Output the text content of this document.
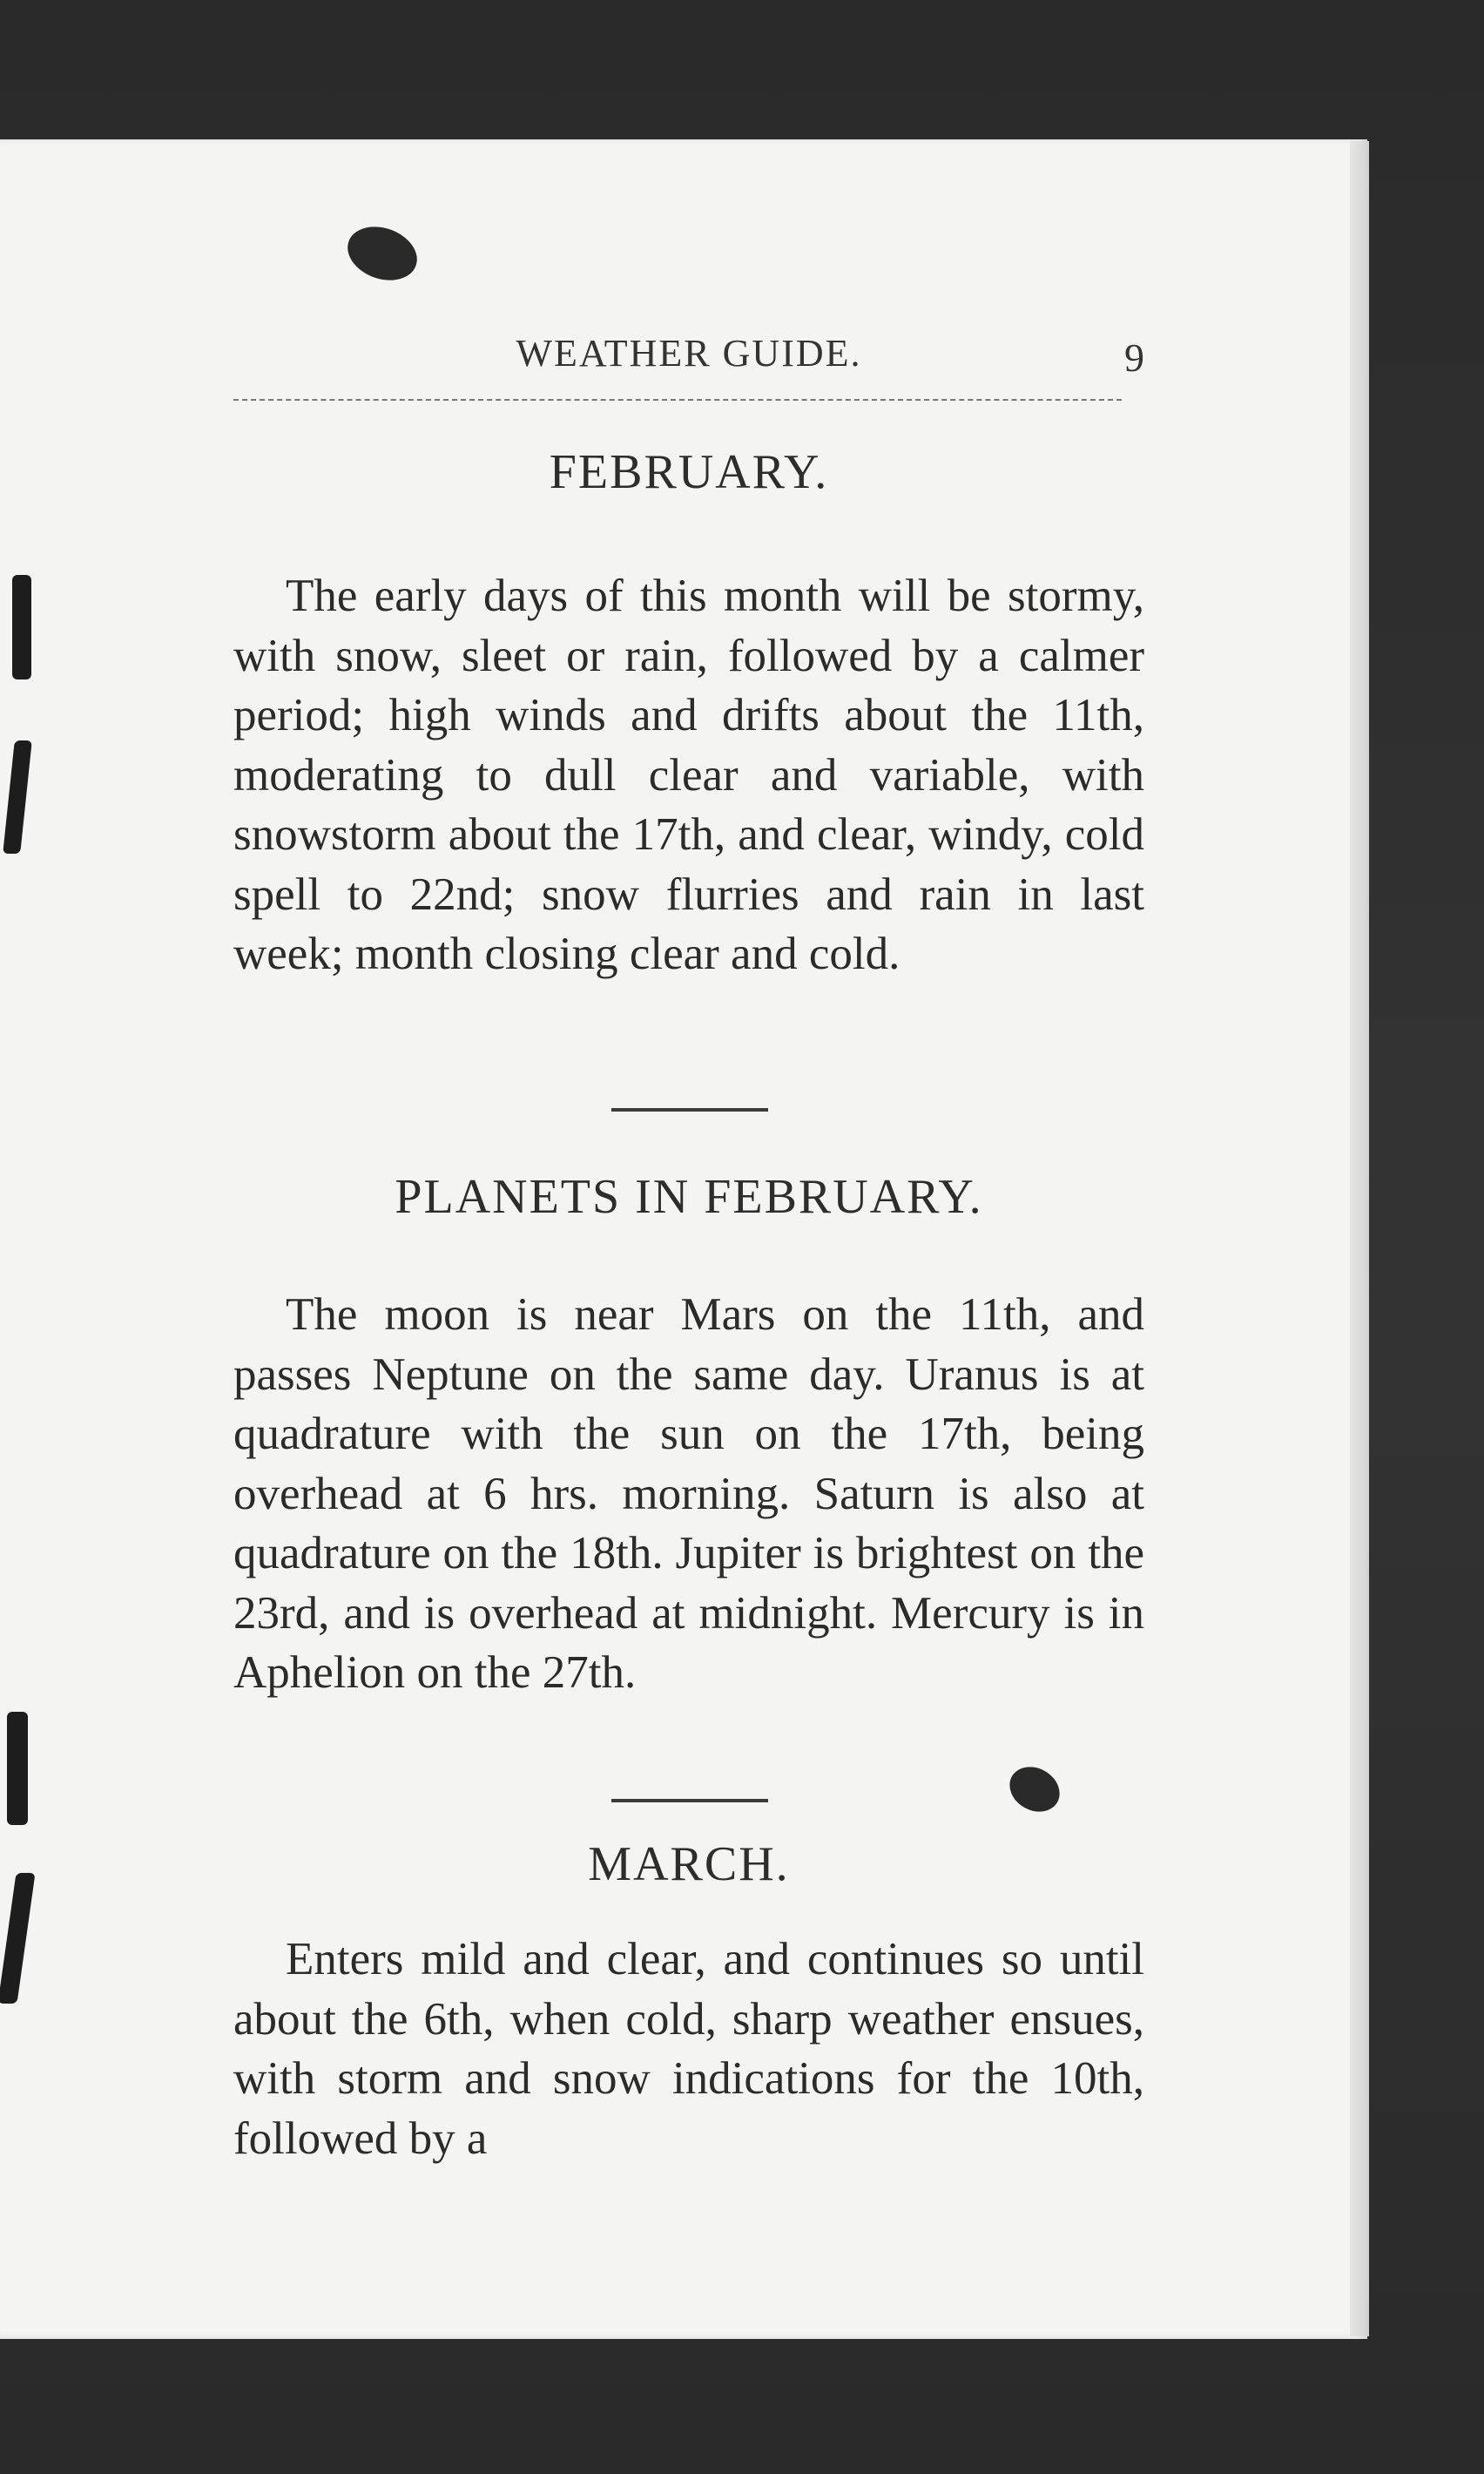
WEATHER GUIDE.	9
FEBRUARY.
The early days of this month will be stormy, with snow, sleet or rain, followed by a calmer period; high winds and drifts about the 11th, moderating to dull clear and variable, with snowstorm about the 17th, and clear, windy, cold spell to 22nd; snow flurries and rain in last week; month closing clear and cold.
PLANETS IN FEBRUARY.
The moon is near Mars on the 11th, and passes Neptune on the same day. Uranus is at quadrature with the sun on the 17th, being overhead at 6 hrs. morning. Saturn is also at quadrature on the 18th. Jupiter is brightest on the 23rd, and is overhead at midnight. Mercury is in Aphelion on the 27th.
MARCH.
Enters mild and clear, and continues so until about the 6th, when cold, sharp weather ensues, with storm and snow indications for the 10th, followed by a
